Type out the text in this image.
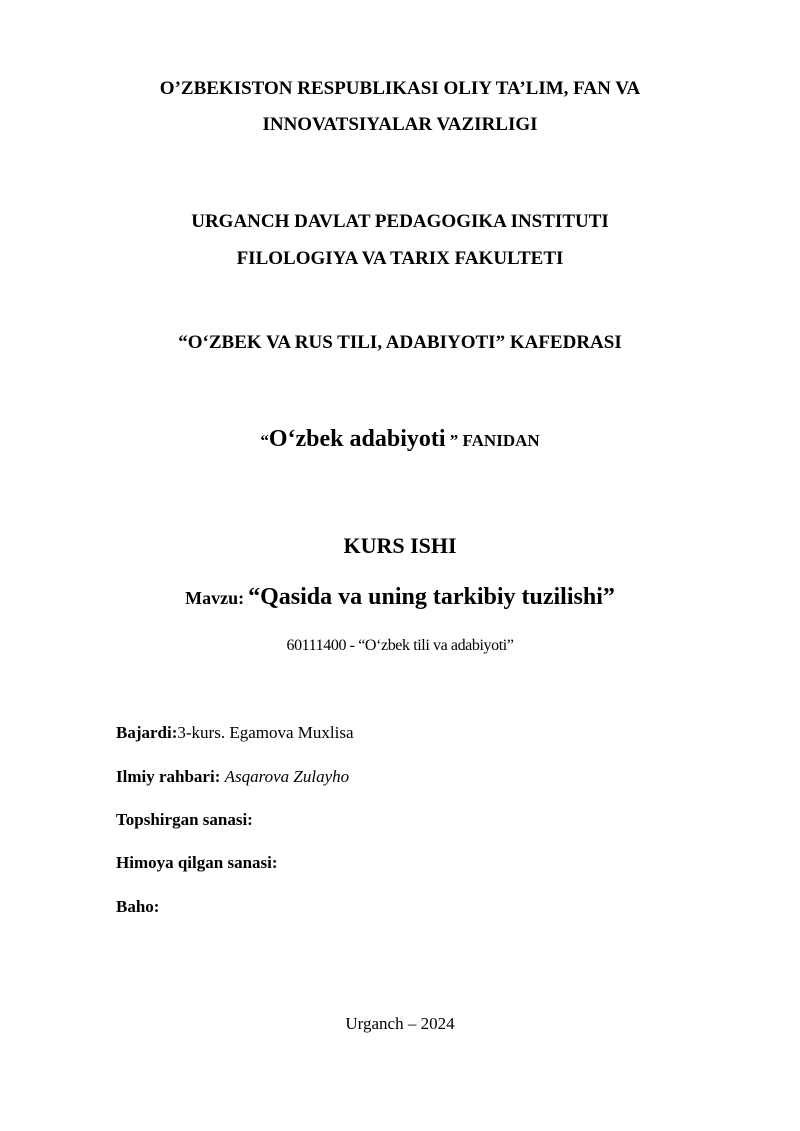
O’ZBEKISTON RESPUBLIKASI OLIY TA’LIM, FAN VA
INNOVATSIYALAR VAZIRLIGI
URGANCH DAVLAT PEDAGOGIKA INSTITUTI
FILOLOGIYA VA TARIX FAKULTETI
“O‘ZBEK VA RUS TILI, ADABIYOTI” KAFEDRASI
“O‘zbek adabiyoti ” FANIDAN
KURS ISHI
Mavzu: “Qasida va uning tarkibiy tuzilishi”
60111400 - “O‘zbek tili va adabiyoti”
Bajardi:3-kurs. Egamova Muxlisa
Ilmiy rahbari: Asqarova Zulayho
Topshirgan sanasi:
Himoya qilgan sanasi:
Baho:
Urganch – 2024
